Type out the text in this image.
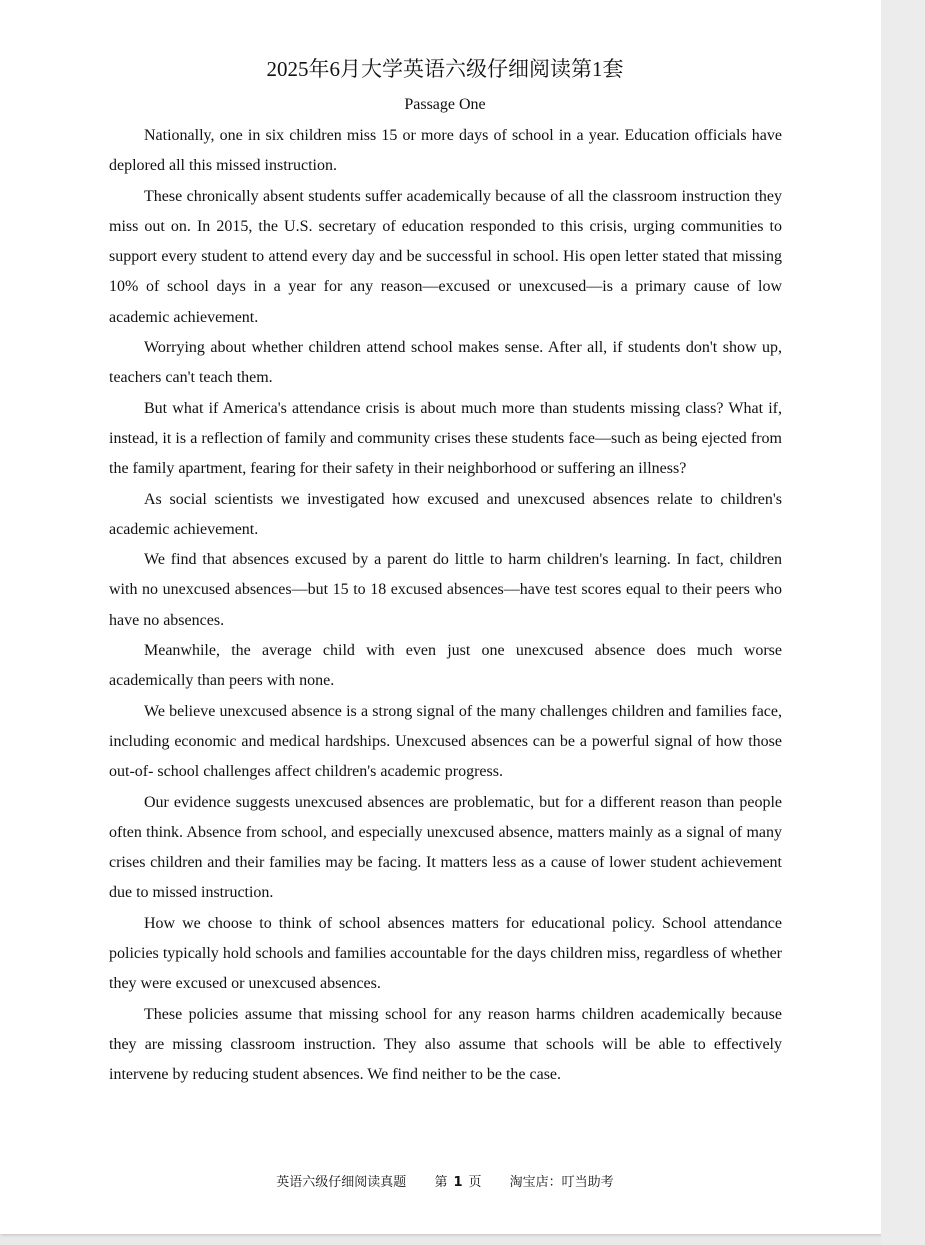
2025年6月大学英语六级仔细阅读第1套
Passage One

Nationally, one in six children miss 15 or more days of school in a year. Education officials have deplored all this missed instruction.

These chronically absent students suffer academically because of all the classroom instruction they miss out on. In 2015, the U.S. secretary of education responded to this crisis, urging communities to support every student to attend every day and be successful in school. His open letter stated that missing 10% of school days in a year for any reason—excused or unexcused—is a primary cause of low academic achievement.

Worrying about whether children attend school makes sense. After all, if students don't show up, teachers can't teach them.

But what if America's attendance crisis is about much more than students missing class? What if, instead, it is a reflection of family and community crises these students face—such as being ejected from the family apartment, fearing for their safety in their neighborhood or suffering an illness?

As social scientists we investigated how excused and unexcused absences relate to children's academic achievement.

We find that absences excused by a parent do little to harm children's learning. In fact, children with no unexcused absences—but 15 to 18 excused absences—have test scores equal to their peers who have no absences.

Meanwhile, the average child with even just one unexcused absence does much worse academically than peers with none.

We believe unexcused absence is a strong signal of the many challenges children and families face, including economic and medical hardships. Unexcused absences can be a powerful signal of how those out-of- school challenges affect children's academic progress.

Our evidence suggests unexcused absences are problematic, but for a different reason than people often think. Absence from school, and especially unexcused absence, matters mainly as a signal of many crises children and their families may be facing. It matters less as a cause of lower student achievement due to missed instruction.

How we choose to think of school absences matters for educational policy. School attendance policies typically hold schools and families accountable for the days children miss, regardless of whether they were excused or unexcused absences.

These policies assume that missing school for any reason harms children academically because they are missing classroom instruction. They also assume that schools will be able to effectively intervene by reducing student absences. We find neither to be the case.

英语六级仔细阅读真题 第 1 页 淘宝店：叮当助考
